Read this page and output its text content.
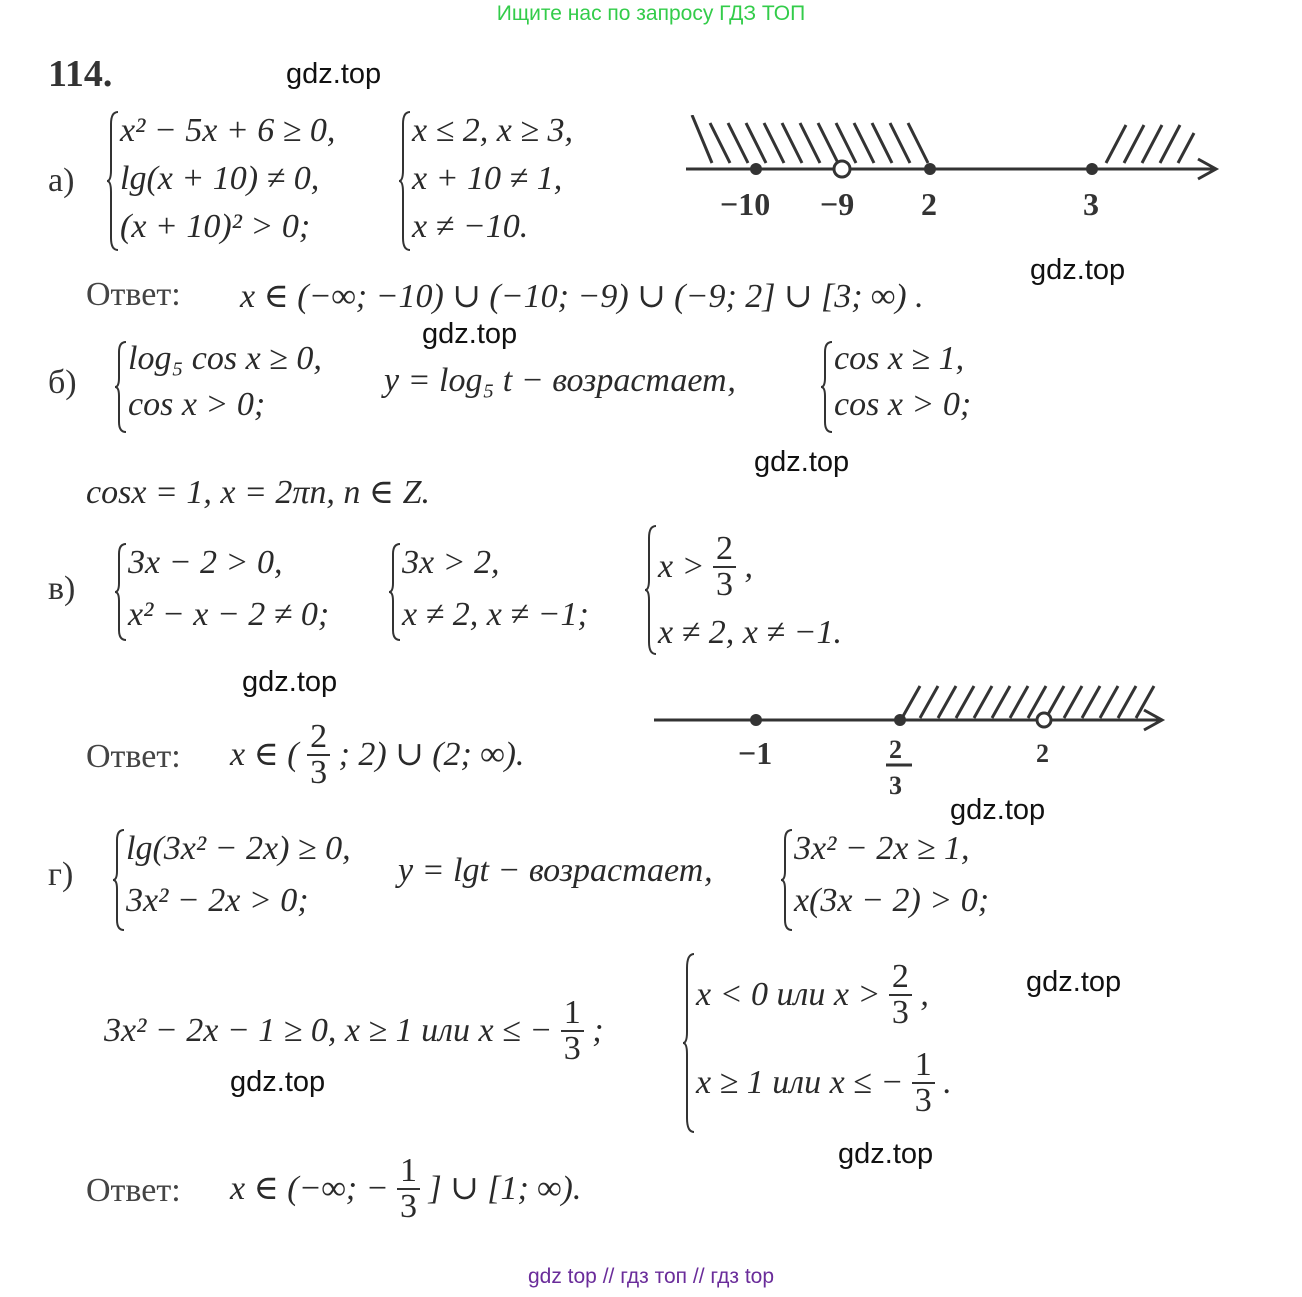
Ищите нас по запросу ГДЗ ТОП
gdz.top
gdz.top
gdz.top
gdz.top
gdz.top
gdz.top
gdz.top
gdz.top
gdz.top
114.
а)
x² − 5x + 6 ≥ 0,
lg(x + 10) ≠ 0,
(x + 10)² > 0;
x ≤ 2, x ≥ 3,
x + 10 ≠ 1,
x ≠ −10.
−10 −9 2	3
Ответ: x ∈ (−∞; −10) ∪ (−10; −9) ∪ (−9; 2] ∪ [3; ∞) .
б)
log₅ cos x ≥ 0,
cos x > 0;
y = log₅ t − возрастает,
cos x ≥ 1,
cos x > 0;
cosx = 1, x = 2πn, n ∈ Z.
в)
3x − 2 > 0,
x² − x − 2 ≠ 0;
3x > 2,
x ≠ 2, x ≠ −1;
$x > \frac{2}{3}$ ,
x ≠ 2, x ≠ −1.
−1	2
3
2
Ответ: x ∈ ( $\frac{2}{3}$ ; 2) ∪ (2; ∞).
г)
lg(3x² − 2x) ≥ 0,
3x² − 2x > 0;
y = lgt − возрастает,
3x² − 2x ≥ 1,
x(3x − 2) > 0;
3x² − 2x − 1 ≥ 0, x ≥ 1 или x ≤ − $\frac{1}{3}$ ;
x < 0 или $x > \frac{2}{3}$ ,
x ≥ 1 или x ≤ − $\frac{1}{3}$ .
Ответ: x ∈ (−∞; − $\frac{1}{3}$ ] ∪ [1; ∞).
gdz top // гдз топ // гдз top
